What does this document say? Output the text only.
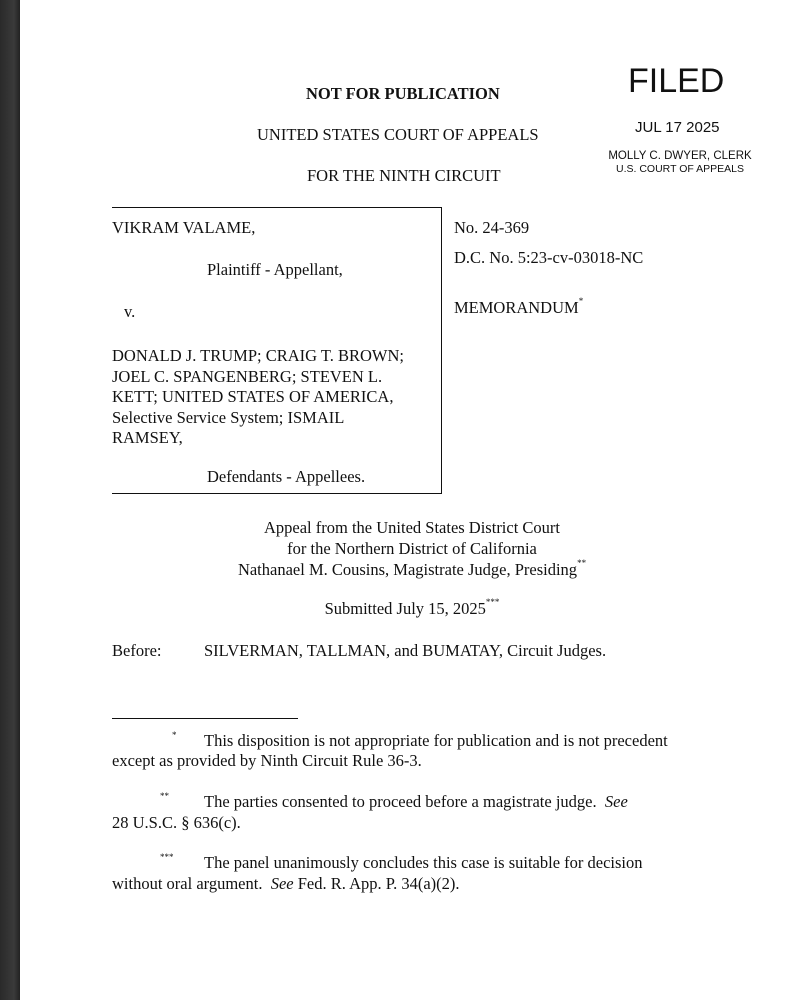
FILED
JUL 17 2025
MOLLY C. DWYER, CLERK
U.S. COURT OF APPEALS
NOT FOR PUBLICATION
UNITED STATES COURT OF APPEALS
FOR THE NINTH CIRCUIT
VIKRAM VALAME,
Plaintiff - Appellant,
v.
DONALD J. TRUMP; CRAIG T. BROWN;
JOEL C. SPANGENBERG; STEVEN L.
KETT; UNITED STATES OF AMERICA,
Selective Service System; ISMAIL
RAMSEY,
Defendants - Appellees.
No. 24-369
D.C. No. 5:23-cv-03018-NC
MEMORANDUM*
Appeal from the United States District Court
for the Northern District of California
Nathanael M. Cousins, Magistrate Judge, Presiding**
Submitted July 15, 2025***
Before:	SILVERMAN, TALLMAN, and BUMATAY, Circuit Judges.
* This disposition is not appropriate for publication and is not precedent
except as provided by Ninth Circuit Rule 36-3.
** The parties consented to proceed before a magistrate judge. See
28 U.S.C. § 636(c).
*** The panel unanimously concludes this case is suitable for decision
without oral argument. See Fed. R. App. P. 34(a)(2).
